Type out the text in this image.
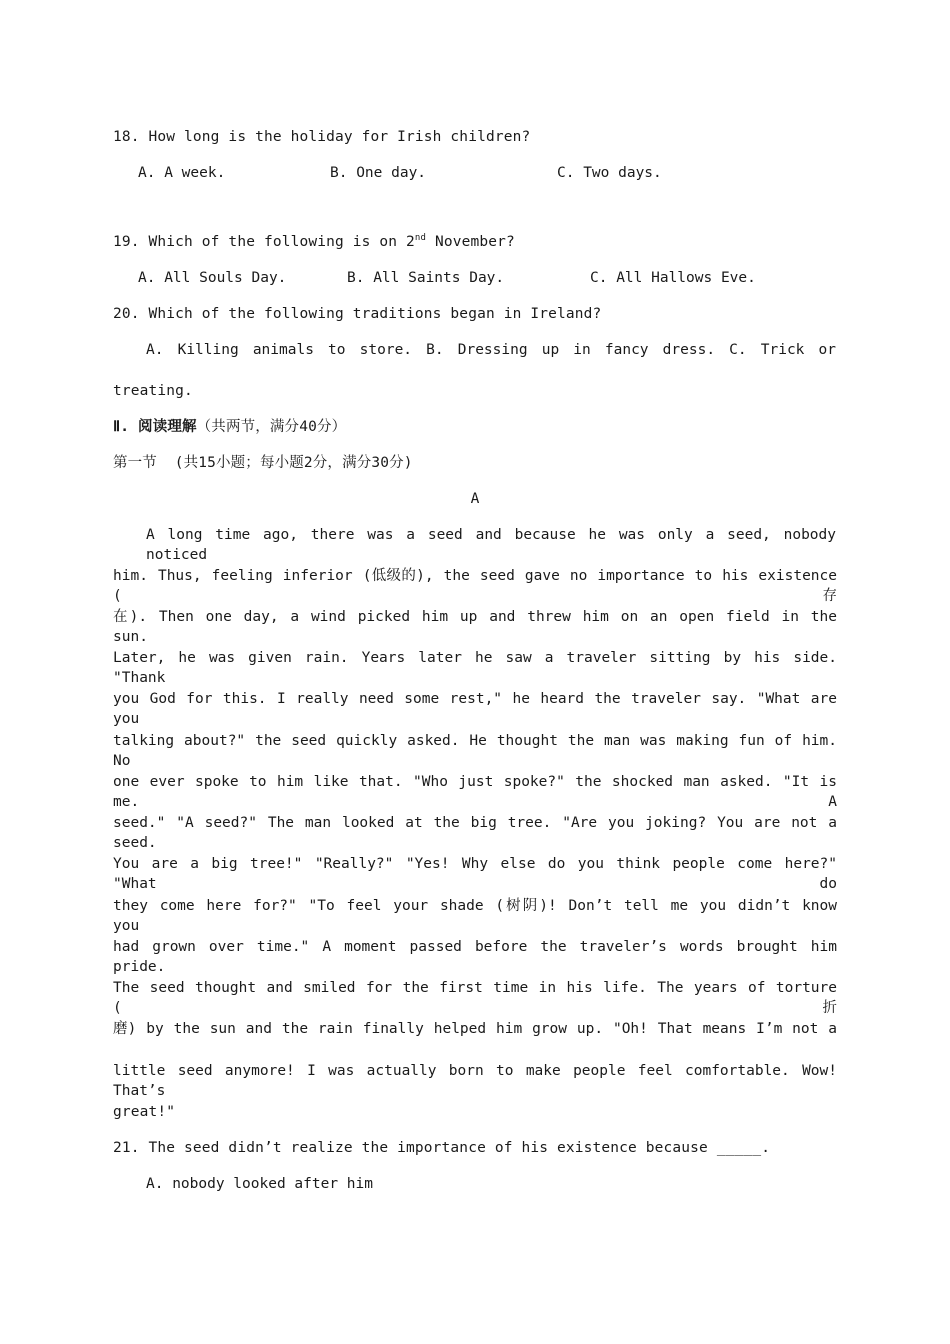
18. How long is the holiday for Irish children?
A. A week.	B. One day.	C. Two days.
19. Which of the following is on 2nd November?
A. All Souls Day.	B. All Saints Day.	C. All Hallows Eve.
20. Which of the following traditions began in Ireland?
A. Killing animals to store. B. Dressing up in fancy dress. C. Trick or
treating.
Ⅱ. 阅读理解（共两节，满分40分）
第一节  (共15小题；每小题2分，满分30分)
A
A long time ago, there was a seed and because he was only a seed, nobody noticed
him. Thus, feeling inferior (低级的), the seed gave no importance to his existence (存
在). Then one day, a wind picked him up and threw him on an open field in the sun.
Later, he was given rain. Years later he saw a traveler sitting by his side. "Thank
you God for this. I really need some rest," he heard the traveler say. "What are you
talking about?" the seed quickly asked. He thought the man was making fun of him. No
one ever spoke to him like that. "Who just spoke?" the shocked man asked. "It is me. A
seed." "A seed?" The man looked at the big tree. "Are you joking? You are not a seed.
You are a big tree!" "Really?" "Yes! Why else do you think people come here?" "What do
they come here for?" "To feel your shade (树阴)! Don’t tell me you didn’t know you
had grown over time." A moment passed before the traveler’s words brought him pride.
The seed thought and smiled for the first time in his life. The years of torture (折
磨) by the sun and the rain finally helped him grow up. "Oh! That means I’m not a
little seed anymore! I was actually born to make people feel comfortable. Wow! That’s
great!"
21. The seed didn’t realize the importance of his existence because _____.
A. nobody looked after him
